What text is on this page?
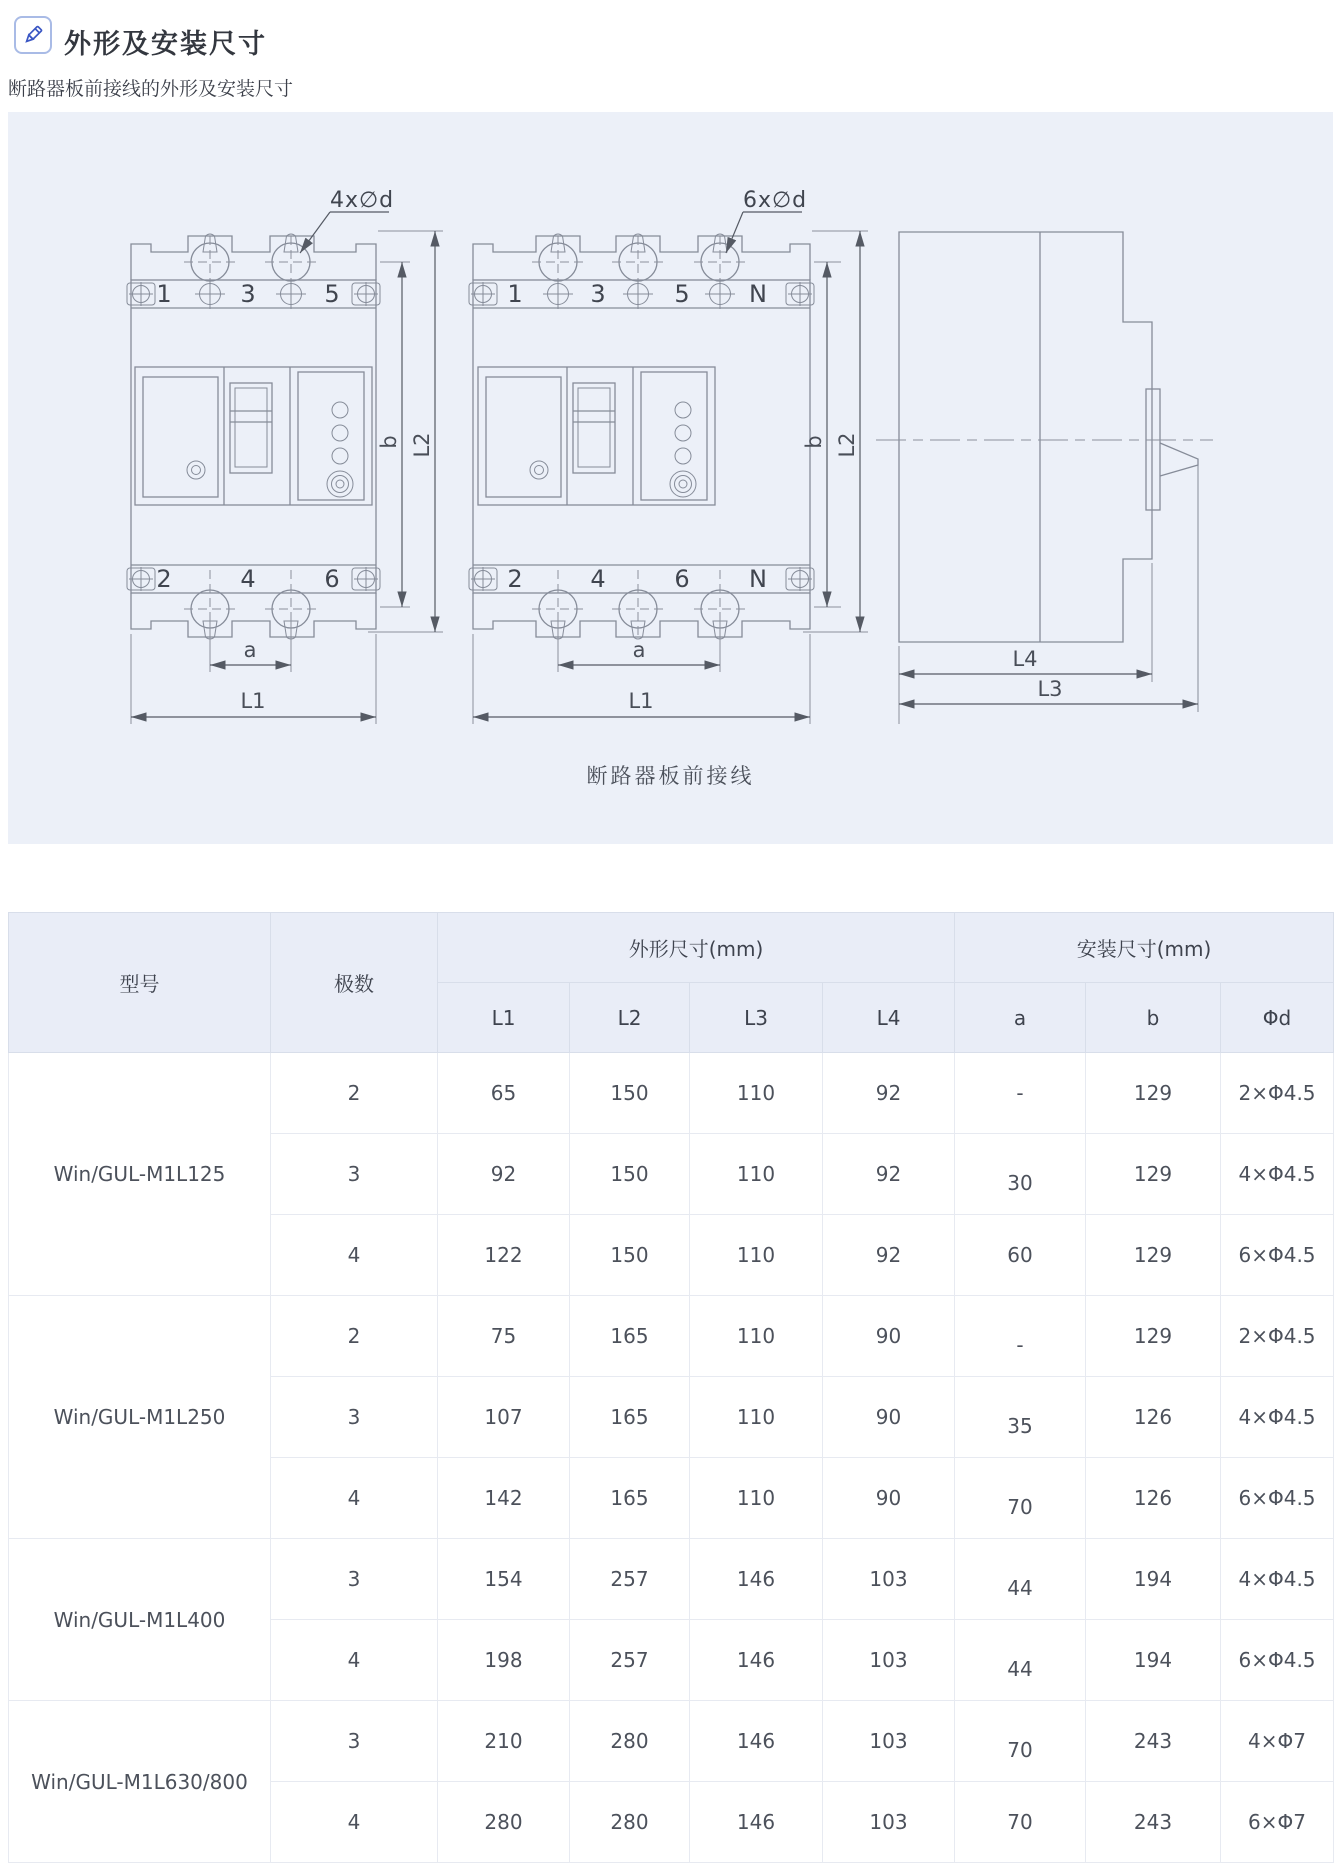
外形及安装尺寸
断路器板前接线的外形及安装尺寸
1	3	5
2	4	6
4x∅d
b L2
a
L1
1	3	5 N
2	4	6 N
6x∅d
b L2
a
L1
L4
L3
断路器板前接线
型号	极数	外形尺寸(mm)				安装尺寸(mm)		
		L1	L2	L3	L4	a	b	Φd
Win/GUL-M1L125	2	65	150	110	92	-	129	2×Φ4.5
	3	92	150	110	92	30	129	4×Φ4.5
	4	122	150	110	92	60	129	6×Φ4.5
Win/GUL-M1L250	2	75	165	110	90	-	129	2×Φ4.5
	3	107	165	110	90	35	126	4×Φ4.5
	4	142	165	110	90	70	126	6×Φ4.5
Win/GUL-M1L400	3	154	257	146	103	44	194	4×Φ4.5
	4	198	257	146	103	44	194	6×Φ4.5
Win/GUL-M1L630/800	3	210	280	146	103	70	243	4×Φ7
	4	280	280	146	103	70	243	6×Φ7
